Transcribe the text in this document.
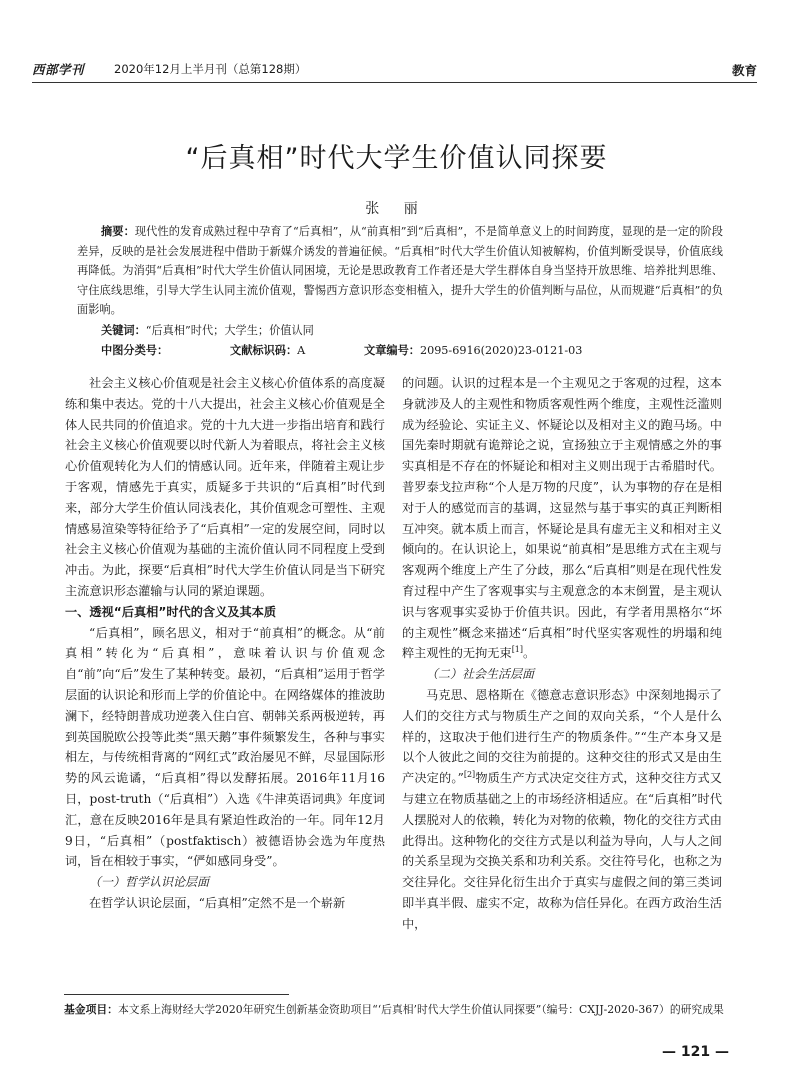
西部学刊	2020年12月上半月刊（总第128期）	教育
“后真相”时代大学生价值认同探要
张 丽
摘要：现代性的发育成熟过程中孕育了“后真相”，从“前真相”到“后真相”，不是简单意义上的时间跨度，显现的是一定的阶段差异，反映的是社会发展进程中借助于新媒介诱发的普遍征候。“后真相”时代大学生价值认知被解构，价值判断受误导，价值底线再降低。为消弭“后真相”时代大学生价值认同困境，无论是思政教育工作者还是大学生群体自身当坚持开放思维、培养批判思维、守住底线思维，引导大学生认同主流价值观，警惕西方意识形态变相植入，提升大学生的价值判断与品位，从而规避“后真相”的负面影响。
关键词：“后真相”时代；大学生；价值认同
中图分类号：	文献标识码：A	文章编号：2095-6916(2020)23-0121-03

社会主义核心价值观是社会主义核心价值体系的高度凝练和集中表达。党的十八大提出，社会主义核心价值观是全体人民共同的价值追求。党的十九大进一步指出培育和践行社会主义核心价值观要以时代新人为着眼点，将社会主义核心价值观转化为人们的情感认同。近年来，伴随着主观让步于客观，情感先于真实，质疑多于共识的“后真相”时代到来，部分大学生价值认同浅表化，其价值观念可塑性、主观情感易渲染等特征给予了“后真相”一定的发展空间，同时以社会主义核心价值观为基础的主流价值认同不同程度上受到冲击。为此，探要“后真相”时代大学生价值认同是当下研究主流意识形态灌输与认同的紧迫课题。

一、透视“后真相”时代的含义及其本质

“后真相”，顾名思义，相对于“前真相”的概念。从“前真相”转化为“后真相”，意味着认识与价值观念自“前”向“后”发生了某种转变。最初，“后真相”运用于哲学层面的认识论和形而上学的价值论中。在网络媒体的推波助澜下，经特朗普成功逆袭入住白宫、朝韩关系两极逆转，再到英国脱欧公投等此类“黑天鹅”事件频繁发生，各种与事实相左，与传统相背离的“网红式”政治屡见不鲜，尽显国际形势的风云诡谲，“后真相”得以发酵拓展。2016年11月16日，post-truth（“后真相”）入选《牛津英语词典》年度词汇，意在反映2016年是具有紧迫性政治的一年。同年12月9日，“后真相”（postfaktisch）被德语协会选为年度热词，旨在相较于事实，“俨如感同身受”。

（一）哲学认识论层面

在哲学认识论层面，“后真相”定然不是一个崭新

的问题。认识的过程本是一个主观见之于客观的过程，这本身就涉及人的主观性和物质客观性两个维度，主观性泛滥则成为经验论、实证主义、怀疑论以及相对主义的跑马场。中国先秦时期就有诡辩论之说，宣扬独立于主观情感之外的事实真相是不存在的怀疑论和相对主义则出现于古希腊时代。普罗泰戈拉声称“个人是万物的尺度”，认为事物的存在是相对于人的感觉而言的基调，这显然与基于事实的真正判断相互冲突。就本质上而言，怀疑论是具有虚无主义和相对主义倾向的。在认识论上，如果说“前真相”是思维方式在主观与客观两个维度上产生了分歧，那么“后真相”则是在现代性发育过程中产生了客观事实与主观意念的本末倒置，是主观认识与客观事实妥协于价值共识。因此，有学者用黑格尔“坏的主观性”概念来描述“后真相”时代坚实客观性的坍塌和纯粹主观性的无拘无束[1]。

（二）社会生活层面

马克思、恩格斯在《德意志意识形态》中深刻地揭示了人们的交往方式与物质生产之间的双向关系，“个人是什么样的，这取决于他们进行生产的物质条件。”“生产本身又是以个人彼此之间的交往为前提的。这种交往的形式又是由生产决定的。”[2]物质生产方式决定交往方式，这种交往方式又与建立在物质基础之上的市场经济相适应。在“后真相”时代人摆脱对人的依赖，转化为对物的依赖，物化的交往方式由此得出。这种物化的交往方式是以利益为导向，人与人之间的关系呈现为交换关系和功利关系。交往符号化，也称之为交往异化。交往异化衍生出介于真实与虚假之间的第三类词即半真半假、虚实不定，故称为信任异化。在西方政治生活中，

基金项目：本文系上海财经大学2020年研究生创新基金资助项目“‘后真相’时代大学生价值认同探要”（编号：CXJJ-2020-367）的研究成果
— 121 —
